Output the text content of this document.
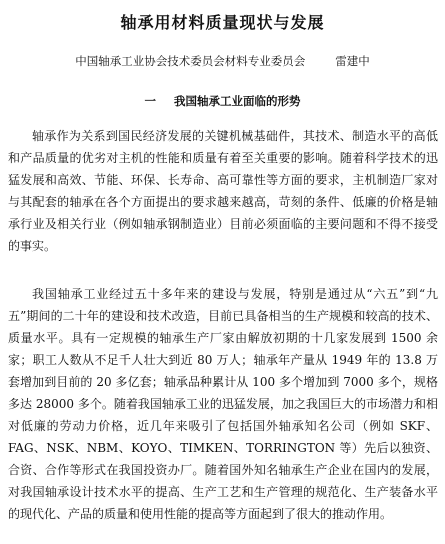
轴承用材料质量现状与发展
中国轴承工业协会技术委员会材料专业委员会	雷建中
一 我国轴承工业面临的形势

轴承作为关系到国民经济发展的关键机械基础件，其技术、制造水平的高低和产品质量的优劣对主机的性能和质量有着至关重要的影响。随着科学技术的迅猛发展和高效、节能、环保、长寿命、高可靠性等方面的要求，主机制造厂家对与其配套的轴承在各个方面提出的要求越来越高，苛刻的条件、低廉的价格是轴承行业及相关行业（例如轴承钢制造业）目前必须面临的主要问题和不得不接受的事实。

我国轴承工业经过五十多年来的建设与发展，特别是通过从“六五”到“九五”期间的二十年的建设和技术改造，目前已具备相当的生产规模和较高的技术、质量水平。具有一定规模的轴承生产厂家由解放初期的十几家发展到 1500 余家；职工人数从不足千人壮大到近 80 万人；轴承年产量从 1949 年的 13.8 万套增加到目前的 20 多亿套；轴承品种累计从 100 多个增加到 7000 多个，规格多达 28000 多个。随着我国轴承工业的迅猛发展，加之我国巨大的市场潜力和相对低廉的劳动力价格，近几年来吸引了包括国外轴承知名公司（例如 SKF、FAG、NSK、NBM、KOYO、TIMKEN、TORRINGTON 等）先后以独资、合资、合作等形式在我国投资办厂。随着国外知名轴承生产企业在国内的发展，对我国轴承设计技术水平的提高、生产工艺和生产管理的规范化、生产装备水平的现代化、产品的质量和使用性能的提高等方面起到了很大的推动作用。
